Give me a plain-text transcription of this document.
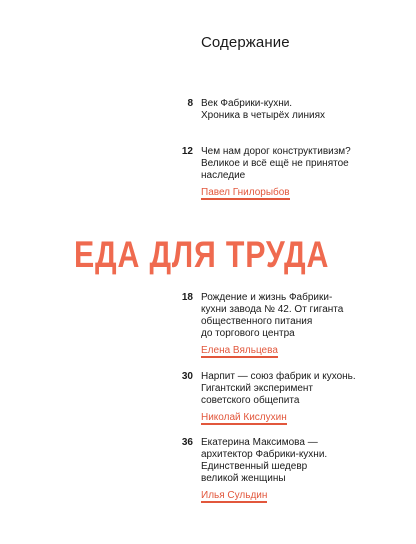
Содержание
8 Век Фабрики-кухни.
Хроника в четырёх линиях
12 Чем нам дорог конструктивизм?
Великое и всё ещё не принятое
наследие
Павел Гнилорыбов
ЕДА ДЛЯ ТРУДА
18 Рождение и жизнь Фабрики-
кухни завода № 42. От гиганта
общественного питания
до торгового центра
Елена Вяльцева
30 Нарпит — союз фабрик и кухонь.
Гигантский эксперимент
советского общепита
Николай Кислухин
36 Екатерина Максимова —
архитектор Фабрики-кухни.
Единственный шедевр
великой женщины
Илья Сульдин
